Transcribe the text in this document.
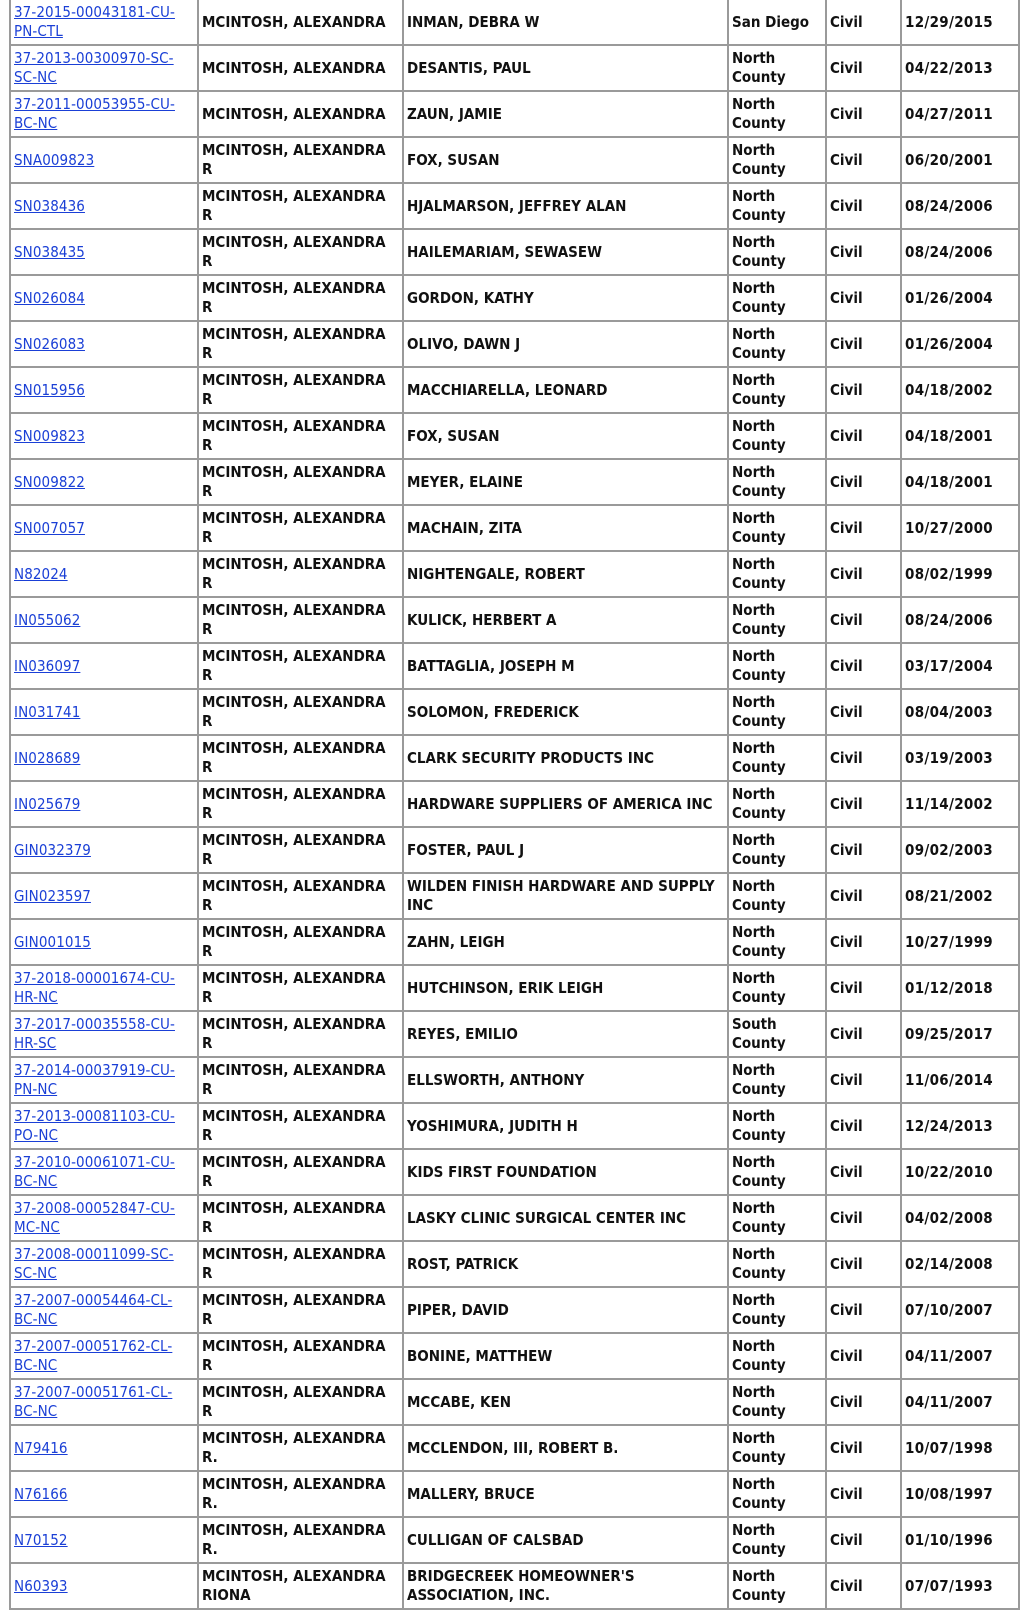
37-2015-00043181-CU-PN-CTL	MCINTOSH, ALEXANDRA	INMAN, DEBRA W	San Diego	Civil	12/29/2015
37-2013-00300970-SC-SC-NC	MCINTOSH, ALEXANDRA	DESANTIS, PAUL	North County	Civil	04/22/2013
37-2011-00053955-CU-BC-NC	MCINTOSH, ALEXANDRA	ZAUN, JAMIE	North County	Civil	04/27/2011
SNA009823	MCINTOSH, ALEXANDRA R	FOX, SUSAN	North County	Civil	06/20/2001
SN038436	MCINTOSH, ALEXANDRA R	HJALMARSON, JEFFREY ALAN	North County	Civil	08/24/2006
SN038435	MCINTOSH, ALEXANDRA R	HAILEMARIAM, SEWASEW	North County	Civil	08/24/2006
SN026084	MCINTOSH, ALEXANDRA R	GORDON, KATHY	North County	Civil	01/26/2004
SN026083	MCINTOSH, ALEXANDRA R	OLIVO, DAWN J	North County	Civil	01/26/2004
SN015956	MCINTOSH, ALEXANDRA R	MACCHIARELLA, LEONARD	North County	Civil	04/18/2002
SN009823	MCINTOSH, ALEXANDRA R	FOX, SUSAN	North County	Civil	04/18/2001
SN009822	MCINTOSH, ALEXANDRA R	MEYER, ELAINE	North County	Civil	04/18/2001
SN007057	MCINTOSH, ALEXANDRA R	MACHAIN, ZITA	North County	Civil	10/27/2000
N82024	MCINTOSH, ALEXANDRA R	NIGHTENGALE, ROBERT	North County	Civil	08/02/1999
IN055062	MCINTOSH, ALEXANDRA R	KULICK, HERBERT A	North County	Civil	08/24/2006
IN036097	MCINTOSH, ALEXANDRA R	BATTAGLIA, JOSEPH M	North County	Civil	03/17/2004
IN031741	MCINTOSH, ALEXANDRA R	SOLOMON, FREDERICK	North County	Civil	08/04/2003
IN028689	MCINTOSH, ALEXANDRA R	CLARK SECURITY PRODUCTS INC	North County	Civil	03/19/2003
IN025679	MCINTOSH, ALEXANDRA R	HARDWARE SUPPLIERS OF AMERICA INC	North County	Civil	11/14/2002
GIN032379	MCINTOSH, ALEXANDRA R	FOSTER, PAUL J	North County	Civil	09/02/2003
GIN023597	MCINTOSH, ALEXANDRA R	WILDEN FINISH HARDWARE AND SUPPLY INC	North County	Civil	08/21/2002
GIN001015	MCINTOSH, ALEXANDRA R	ZAHN, LEIGH	North County	Civil	10/27/1999
37-2018-00001674-CU-HR-NC	MCINTOSH, ALEXANDRA R	HUTCHINSON, ERIK LEIGH	North County	Civil	01/12/2018
37-2017-00035558-CU-HR-SC	MCINTOSH, ALEXANDRA R	REYES, EMILIO	South County	Civil	09/25/2017
37-2014-00037919-CU-PN-NC	MCINTOSH, ALEXANDRA R	ELLSWORTH, ANTHONY	North County	Civil	11/06/2014
37-2013-00081103-CU-PO-NC	MCINTOSH, ALEXANDRA R	YOSHIMURA, JUDITH H	North County	Civil	12/24/2013
37-2010-00061071-CU-BC-NC	MCINTOSH, ALEXANDRA R	KIDS FIRST FOUNDATION	North County	Civil	10/22/2010
37-2008-00052847-CU-MC-NC	MCINTOSH, ALEXANDRA R	LASKY CLINIC SURGICAL CENTER INC	North County	Civil	04/02/2008
37-2008-00011099-SC-SC-NC	MCINTOSH, ALEXANDRA R	ROST, PATRICK	North County	Civil	02/14/2008
37-2007-00054464-CL-BC-NC	MCINTOSH, ALEXANDRA R	PIPER, DAVID	North County	Civil	07/10/2007
37-2007-00051762-CL-BC-NC	MCINTOSH, ALEXANDRA R	BONINE, MATTHEW	North County	Civil	04/11/2007
37-2007-00051761-CL-BC-NC	MCINTOSH, ALEXANDRA R	MCCABE, KEN	North County	Civil	04/11/2007
N79416	MCINTOSH, ALEXANDRA R.	MCCLENDON, III, ROBERT B.	North County	Civil	10/07/1998
N76166	MCINTOSH, ALEXANDRA R.	MALLERY, BRUCE	North County	Civil	10/08/1997
N70152	MCINTOSH, ALEXANDRA R.	CULLIGAN OF CALSBAD	North County	Civil	01/10/1996
N60393	MCINTOSH, ALEXANDRA RIONA	BRIDGECREEK HOMEOWNER'S ASSOCIATION, INC.	North County	Civil	07/07/1993
